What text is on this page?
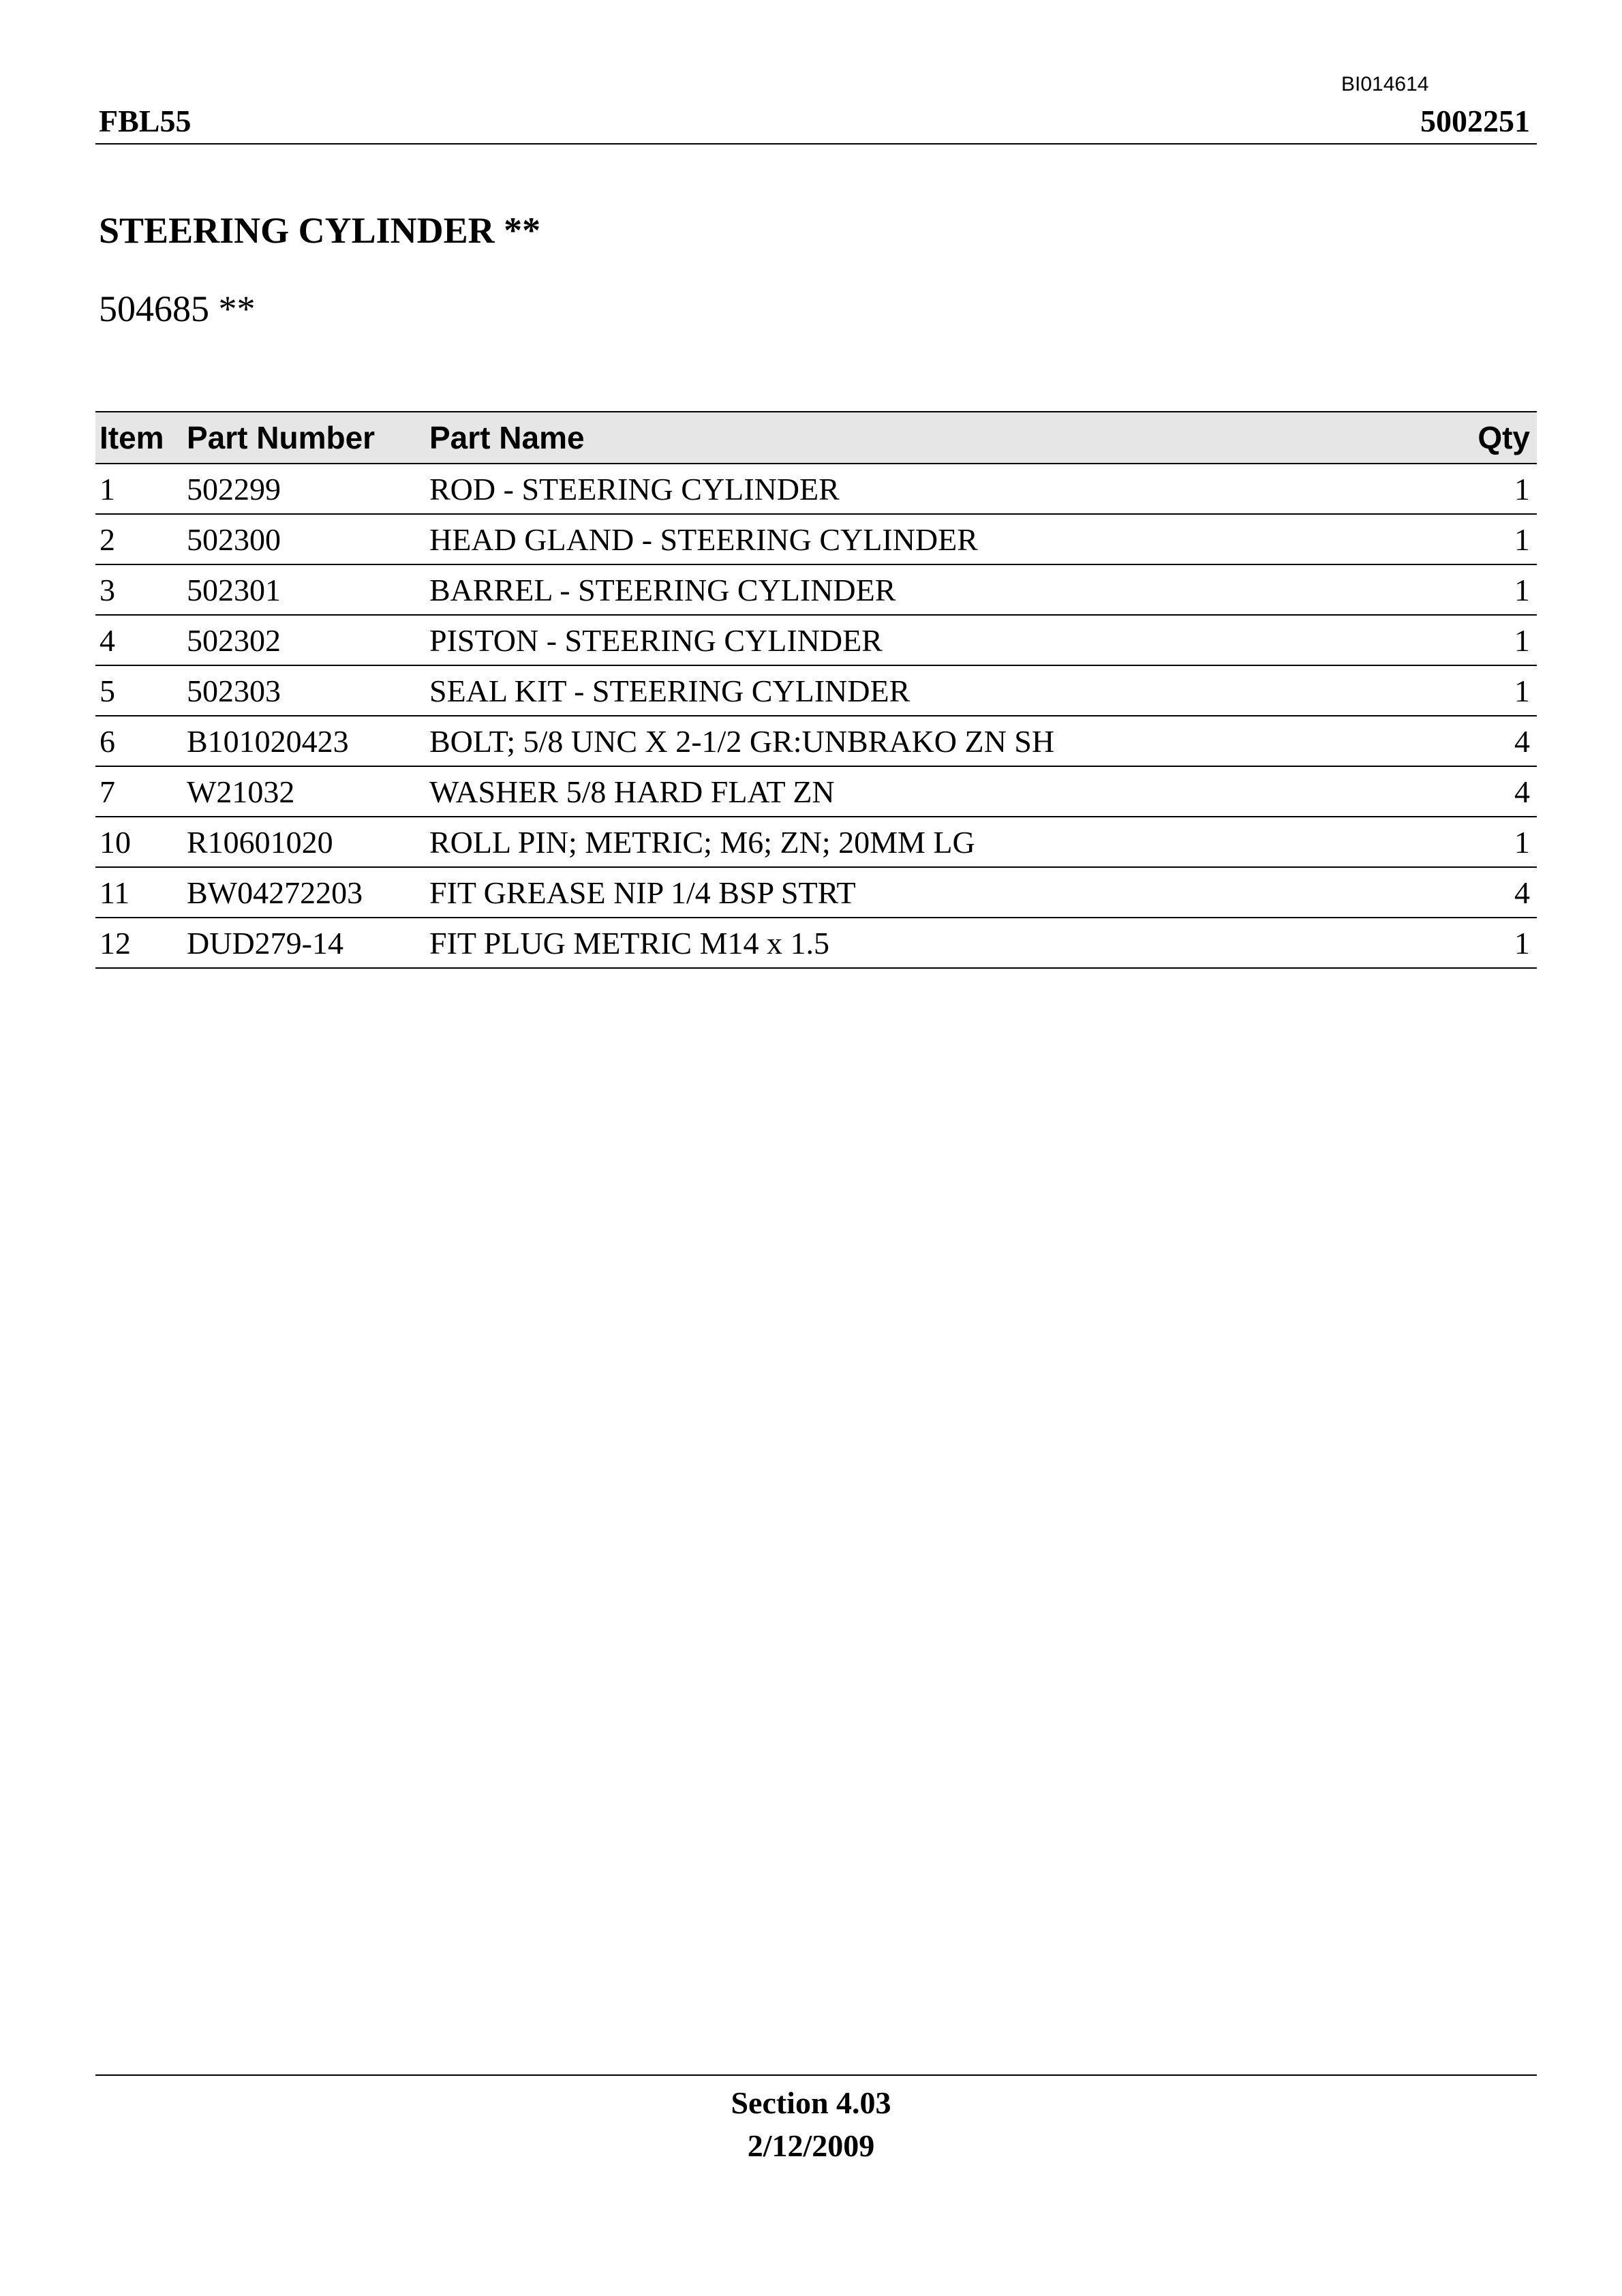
BI014614
FBL55	5002251
STEERING CYLINDER **
504685 **
Item	Part Number	Part Name	Qty
1	502299	ROD - STEERING CYLINDER	1
2	502300	HEAD GLAND - STEERING CYLINDER	1
3	502301	BARREL - STEERING CYLINDER	1
4	502302	PISTON - STEERING CYLINDER	1
5	502303	SEAL KIT - STEERING CYLINDER	1
6	B101020423	BOLT; 5/8 UNC X 2-1/2 GR:UNBRAKO ZN SH	4
7	W21032	WASHER 5/8 HARD FLAT ZN	4
10	R10601020	ROLL PIN; METRIC; M6; ZN; 20MM LG	1
11	BW04272203	FIT GREASE NIP 1/4 BSP STRT	4
12	DUD279-14	FIT PLUG METRIC M14 x 1.5	1
Section 4.03
2/12/2009
